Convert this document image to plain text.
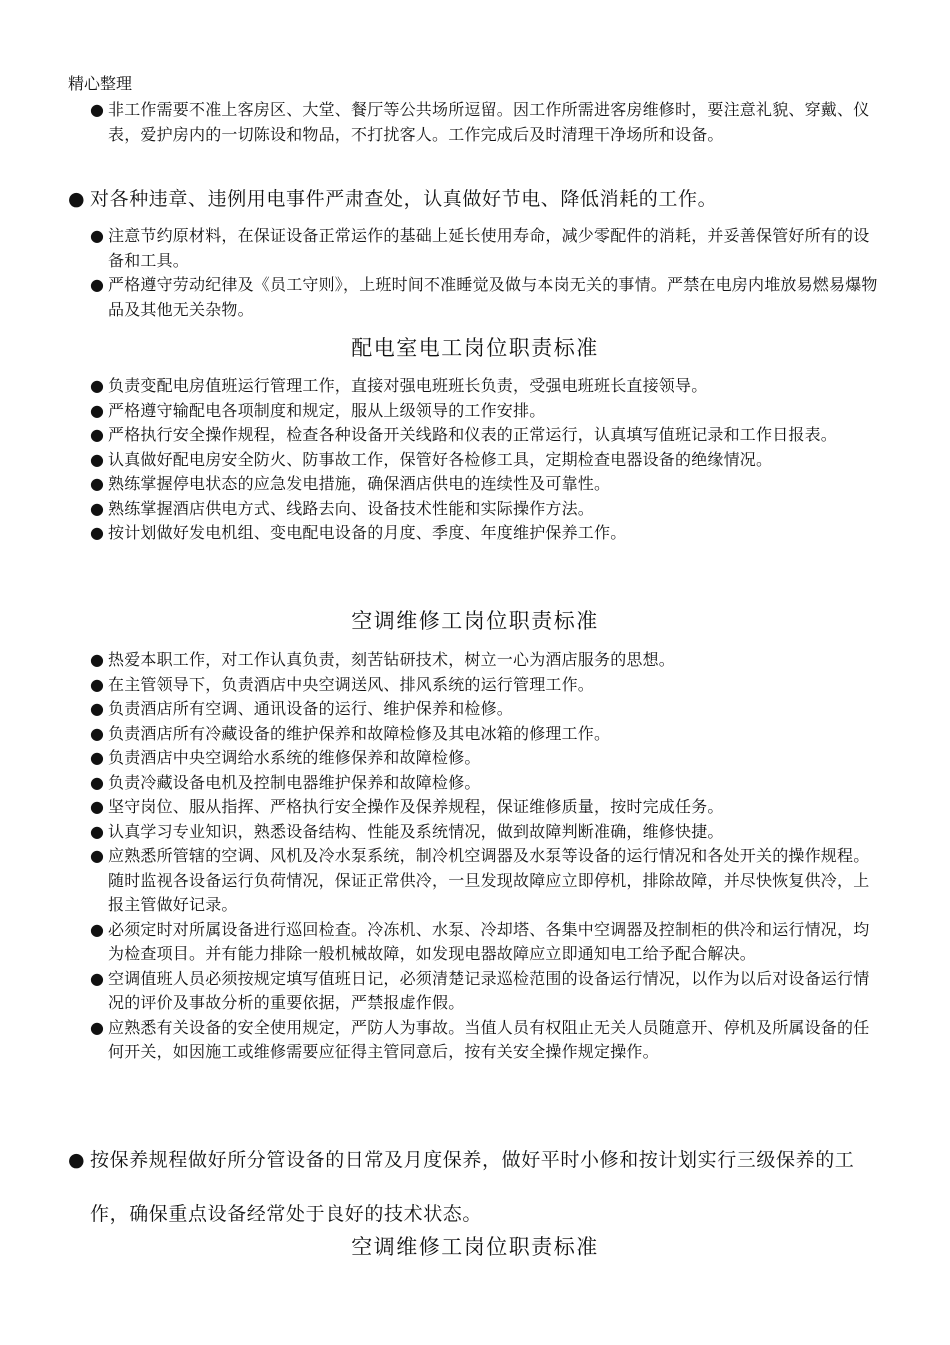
精心整理
● 非工作需要不准上客房区、大堂、餐厅等公共场所逗留。因工作所需进客房维修时，要注意礼貌、穿戴、仪表，爱护房内的一切陈设和物品，不打扰客人。工作完成后及时清理干净场所和设备。
● 对各种违章、违例用电事件严肃查处，认真做好节电、降低消耗的工作。
● 注意节约原材料，在保证设备正常运作的基础上延长使用寿命，减少零配件的消耗，并妥善保管好所有的设备和工具。
● 严格遵守劳动纪律及《员工守则》，上班时间不准睡觉及做与本岗无关的事情。严禁在电房内堆放易燃易爆物品及其他无关杂物。
配电室电工岗位职责标准
● 负责变配电房值班运行管理工作，直接对强电班班长负责，受强电班班长直接领导。
● 严格遵守输配电各项制度和规定，服从上级领导的工作安排。
● 严格执行安全操作规程，检查各种设备开关线路和仪表的正常运行，认真填写值班记录和工作日报表。
● 认真做好配电房安全防火、防事故工作，保管好各检修工具，定期检查电器设备的绝缘情况。
● 熟练掌握停电状态的应急发电措施，确保酒店供电的连续性及可靠性。
● 熟练掌握酒店供电方式、线路去向、设备技术性能和实际操作方法。
● 按计划做好发电机组、变电配电设备的月度、季度、年度维护保养工作。
空调维修工岗位职责标准
● 热爱本职工作，对工作认真负责，刻苦钻研技术，树立一心为酒店服务的思想。
● 在主管领导下，负责酒店中央空调送风、排风系统的运行管理工作。
● 负责酒店所有空调、通讯设备的运行、维护保养和检修。
● 负责酒店所有冷藏设备的维护保养和故障检修及其电冰箱的修理工作。
● 负责酒店中央空调给水系统的维修保养和故障检修。
● 负责冷藏设备电机及控制电器维护保养和故障检修。
● 坚守岗位、服从指挥、严格执行安全操作及保养规程，保证维修质量，按时完成任务。
● 认真学习专业知识，熟悉设备结构、性能及系统情况，做到故障判断准确，维修快捷。
● 应熟悉所管辖的空调、风机及冷水泵系统，制冷机空调器及水泵等设备的运行情况和各处开关的操作规程。随时监视各设备运行负荷情况，保证正常供冷，一旦发现故障应立即停机，排除故障，并尽快恢复供冷，上报主管做好记录。
● 必须定时对所属设备进行巡回检查。冷冻机、水泵、冷却塔、各集中空调器及控制柜的供冷和运行情况，均为检查项目。并有能力排除一般机械故障，如发现电器故障应立即通知电工给予配合解决。
● 空调值班人员必须按规定填写值班日记，必须清楚记录巡检范围的设备运行情况，以作为以后对设备运行情况的评价及事故分析的重要依据，严禁报虚作假。
● 应熟悉有关设备的安全使用规定，严防人为事故。当值人员有权阻止无关人员随意开、停机及所属设备的任何开关，如因施工或维修需要应征得主管同意后，按有关安全操作规定操作。
● 按保养规程做好所分管设备的日常及月度保养，做好平时小修和按计划实行三级保养的工作，确保重点设备经常处于良好的技术状态。
空调维修工岗位职责标准
